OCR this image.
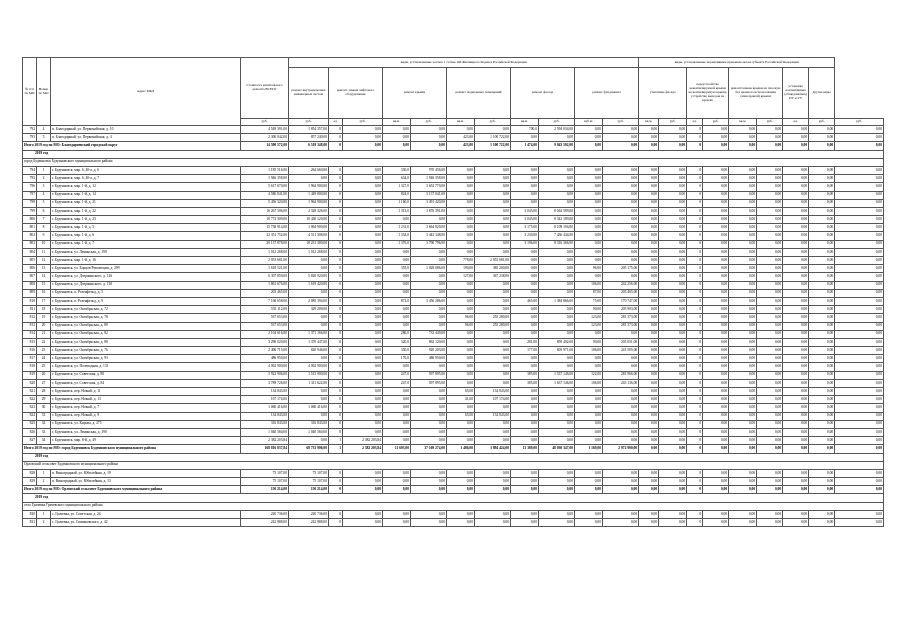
№ п/п по МП	Номер по МО	Адрес МКД	Стоимость капитального ремонта ВСЕГО	виды, установленные частью 1 статьи 166 Жилищного Кодекса Российской Федерации											виды, установленные нормативным правовым актом субъекта Российской Федерации								
				ремонт внутридомовых инженерных систем	ремонт, замена лифтового оборудования		ремонт крыши		ремонт подвальных помещений		ремонт фасада		ремонт фундамента		утепление фасада		переустройство невентилируемой крыши на вентилируемую крышу, устройство выходов на кровлю		ремонт/замена крыши на плоскую без целевого использования (мансардной) крыши		установка коллективных (общедомовых) ПУ и УУ	другие виды	
			руб.	руб.	ед.	руб.	кв.м.	руб.	кв.м.	руб.	кв.м.	руб.	куб.м.	руб.	кв.м.	руб.	ед.	руб.	кв.м.	руб.	ед.	руб.	руб.
792	4	п. Благодарный, ул. Первомайская, д. 10	4 549 391,00	1 854 357,00	0	0,00	0,00	0,00	0,00	0,00	700,0	2 594 034,00	0,00	0,00	0,00	0,00	0	0,00	0,00	0,00	0,00	0,00	0,00
793	5	п. Благодарный, ул. Первомайская, д. 4	2 300 042,00	857 240,00	0	0,00	0,00	0,00	423,00	1 100 722,00	0,00	0,00	0,00	0,00	0,00	0,00	0	0,00	0,00	0,00	0,00	0,00	0,00
Итого 2019 год по МО: Благодарненский городской округ			14 590 572,00	6 519 348,00	0	0,00	0,00	0,00	423,00	1 100 722,00	1 474,00	9 043 502,00	0,00	0,00	0,00	0,00	0	0,00	0,00	0,00	0,00	0,00	0,00
2019 год																							
город Буденновск Буденновского муниципального района																							
794	1	г. Буденновск, мкр. 6, 40-а, д. 6	1 185 516,00	264 660,00	0	0,00	330,0	970 456,00	0,00	0,00	0,00	0,00	0,00	0,00	0,00	0,00	0	0,00	0,00	0,00	0,00	0,00	0,00
795	2	г. Буденновск, мкр. 6, 40-а, д. 7	1 946 358,00	0,00	0	0,00	634,0	1 946 358,00	0,00	0,00	0,00	0,00	0,00	0,00	0,00	0,00	0	0,00	0,00	0,00	0,00	0,00	0,00
796	3	г. Буденновск, мкр. 1-й, д. 12	5 617 670,00	1 964 900,00	0	0,00	1 327,0	3 652 770,00	0,00	0,00	0,00	0,00	0,00	0,00	0,00	0,00	0	0,00	0,00	0,00	0,00	0,00	0,00
797	4	г. Буденновск, мкр. 1-й, д. 14	4 586 841,00	1 449 800,00	0	0,00	824,0	3 137 041,00	0,00	0,00	0,00	0,00	0,00	0,00	0,00	0,00	0	0,00	0,00	0,00	0,00	0,00	0,00
798	5	г. Буденновск, мкр. 1-й, д. 21	5 456 320,00	1 964 900,00	0	0,00	1 160,0	3 491 420,00	0,00	0,00	0,00	0,00	0,00	0,00	0,00	0,00	0	0,00	0,00	0,00	0,00	0,00	0,00
799	6	г. Буденновск, мкр. 1-й, д. 22	16 267 306,00	2 328 326,00	0	0,00	1 313,0	3 876 391,00	0,00	0,00	3 045,00	8 562 589,00	0,00	0,00	0,00	0,00	0	0,00	0,00	0,00	0,00	0,00	0,00
800	7	г. Буденновск, мкр. 1-й, д. 23	18 772 309,00	10 430 120,00	0	0,00	0,00	0,00	0,00	0,00	3 045,00	8 342 189,00	0,00	0,00	0,00	0,00	0	0,00	0,00	0,00	0,00	0,00	0,00
801	8	г. Буденновск, мкр. 1-й, д. 5	15 738 914,00	1 964 900,00	0	0,00	1 231,0	3 664 820,00	0,00	0,00	3 175,00	8 109 194,00	0,00	0,00	0,00	0,00	0	0,00	0,00	0,00	0,00	0,00	0,00
802	9	г. Буденновск, мкр. 1-й, д. 6	22 351 752,00	4 511 308,00	0	0,00	1 334,0	3 442 348,00	0,00	0,00	3 230,00	7 436 444,00	0,00	0,00	0,00	0,00	0	0,00	0,00	0,00	0,00	0,00	0,00
803	10	г. Буденновск, мкр. 1-й, д. 7	30 137 878,00	18 231 380,00	0	0,00	1 376,0	3 790 796,00	0,00	0,00	3 196,00	8 316 366,00	0,00	0,00	0,00	0,00	0	0,00	0,00	0,00	0,00	0,00	0,00
804	11	г. Буденновск, ул. Ленинская, д. 199	1 012 268,00	1 012 268,00	0	0,00	0,00	0,00	0,00	0,00	0,00	0,00	0,00	0,00	0,00	0,00	0	0,00	0,00	0,00	0,00	0,00	0,00
805	12	г. Буденновск, мкр. 1-й, д. 16	2 053 681,00	0,00	0	0,00	0,00	0,00	778,00	2 053 681,00	0,00	0,00	0,00	0,00	0,00	0,00	0	0,00	0,00	0,00	0,00	0,00	0,00
806	13	г. Буденновск, ул. Борцов Революции, д. 299	1 618 521,00	0,00	0	0,00	355,0	1 028 086,00	190,00	385 200,00	0,00	0,00	96,00	205 175,00	0,00	0,00	0	0,00	0,00	0,00	0,00	0,00	0,00
807	14	г. Буденновск, ул. Дзержинского, д. 126	6 307 859,00	5 820 920,00	0	0,00	0,00	0,00	127,00	367 238,00	0,00	0,00	0,00	0,00	0,00	0,00	0	0,00	0,00	0,00	0,00	0,00	0,00
808	15	г. Буденновск, ул. Дзержинского, д. 130	1 861 676,00	1 619 420,00	0	0,00	0,00	0,00	0,00	0,00	0,00	0,00	106,00	242 256,00	0,00	0,00	0	0,00	0,00	0,00	0,00	0,00	0,00
809	16	г. Буденновск, п. Розенфельд, д. 5	203 465,00	0,00	0	0,00	0,00	0,00	0,00	0,00	0,00	0,00	87,00	203 465,00	0,00	0,00	0	0,00	0,00	0,00	0,00	0,00	0,00
810	17	г. Буденновск, п. Розенфельд, д. 9	7 166 658,00	2 085 394,00	0	0,00	872,0	3 456 286,00	0,00	0,00	465,00	1 384 866,00	75,00	170 747,00	0,00	0,00	0	0,00	0,00	0,00	0,00	0,00	0,00
811	18	г. Буденновск, ул. Октябрьская, д. 72	535 112,00	329 209,00	0	0,00	0,00	0,00	0,00	0,00	0,00	0,00	90,00	205 903,00	0,00	0,00	0	0,00	0,00	0,00	0,00	0,00	0,00
812	19	г. Буденновск, ул. Октябрьская, д. 78	537 653,00	0,00	0	0,00	0,00	0,00	96,00	255 280,00	0,00	0,00	123,00	281 373,00	0,00	0,00	0	0,00	0,00	0,00	0,00	0,00	0,00
813	20	г. Буденновск, ул. Октябрьская, д. 80	537 653,00	0,00	0	0,00	0,00	0,00	96,00	255 280,00	0,00	0,00	123,00	281 373,00	0,00	0,00	0	0,00	0,00	0,00	0,00	0,00	0,00
814	21	г. Буденновск, ул. Октябрьская, д. 82	2 104 616,00	1 371 166,00	0	0,00	286,0	733 449,00	0,00	0,00	0,00	0,00	0,00	0,00	0,00	0,00	0	0,00	0,00	0,00	0,00	0,00	0,00
815	22	г. Буденновск, ул. Октябрьская, д. 88	3 298 020,00	1 370 447,00	0	0,00	320,0	863 120,00	0,00	0,00	281,00	859 402,00	90,00	205 051,00	0,00	0,00	0	0,00	0,00	0,00	0,00	0,00	0,00
816	23	г. Буденновск, ул. Октябрьская, д. 76	2 406 715,00	820 946,00	0	0,00	330,0	920 203,00	0,00	0,00	177,00	605 971,00	106,00	241 505,00	0,00	0,00	0	0,00	0,00	0,00	0,00	0,00	0,00
817	24	г. Буденновск, ул. Октябрьская, д. 93	486 950,00	0,00	0	0,00	176,0	486 950,00	0,00	0,00	0,00	0,00	0,00	0,00	0,00	0,00	0	0,00	0,00	0,00	0,00	0,00	0,00
818	25	г. Буденновск, ул. Полеводная, д. 131	4 002 900,00	4 002 900,00	0	0,00	0,00	0,00	0,00	0,00	0,00	0,00	0,00	0,00	0,00	0,00	0	0,00	0,00	0,00	0,00	0,00	0,00
819	26	г. Буденновск, ул. Советская, д. 80	3 922 906,00	1 515 900,00	0	0,00	247,0	597 895,00	0,00	0,00	385,00	1 537 146,00	122,00	281 966,00	0,00	0,00	0	0,00	0,00	0,00	0,00	0,00	0,00
820	27	г. Буденновск, ул. Советская, д. 84	3 789 726,00	1 311 622,00	0	0,00	247,0	597 895,00	0,00	0,00	385,00	1 637 146,00	106,00	243 136,00	0,00	0,00	0	0,00	0,00	0,00	0,00	0,00	0,00
821	28	г. Буденновск, пер. Новый, д. 11	134 843,00	0,00	0	0,00	0,00	0,00	65,00	134 843,00	0,00	0,00	0,00	0,00	0,00	0,00	0	0,00	0,00	0,00	0,00	0,00	0,00
822	29	г. Буденновск, пер. Новый, д. 13	107 174,00	0,00	0	0,00	0,00	0,00	41,00	107 174,00	0,00	0,00	0,00	0,00	0,00	0,00	0	0,00	0,00	0,00	0,00	0,00	0,00
823	30	г. Буденновск, пер. Новый, д. 7	1 060 416,00	1 060 416,00	0	0,00	0,00	0,00	0,00	0,00	0,00	0,00	0,00	0,00	0,00	0,00	0	0,00	0,00	0,00	0,00	0,00	0,00
824	31	г. Буденновск, пер. Новый, д. 9	134 843,00	0,00	0	0,00	0,00	0,00	65,00	134 843,00	0,00	0,00	0,00	0,00	0,00	0,00	0	0,00	0,00	0,00	0,00	0,00	0,00
825	32	г. Буденновск, ул. Кирова, д. 275	316 843,00	316 843,00	0	0,00	0,00	0,00	0,00	0,00	0,00	0,00	0,00	0,00	0,00	0,00	0	0,00	0,00	0,00	0,00	0,00	0,00
826	33	г. Буденновск, ул. Ленинская, д. 190	1 040 560,00	1 040 560,00	0	0,00	0,00	0,00	0,00	0,00	0,00	0,00	0,00	0,00	0,00	0,00	0	0,00	0,00	0,00	0,00	0,00	0,00
827	34	г. Буденновск, мкр. 8-й, д. 49	2 382 203,84	0,00	1	2 382 203,84	0,00	0,00	0,00	0,00	0,00	0,00	0,00	0,00	0,00	0,00	0	0,00	0,00	0,00	0,00	0,00	0,00
Итого 2019 год по МО: город Буденновск Буденновского муниципального района			168 816 837,84	68 733 906,00	1	2 382 203,84	11 603,00	37 169 274,00	1 486,00	3 894 424,00	13 380,00	48 030 347,00	1 169,00	2 972 900,00	0,00	0,00	0	0,00	0,00	0,00	0,00	0,00	0,00
2019 год																							
Орловский сельсовет Буденновского муниципального района																							
828	1	п. Виноградный, ул. Юбилейная, д. 19	75 107,00	75 107,00	0	0,00	0,00	0,00	0,00	0,00	0,00	0,00	0,00	0,00	0,00	0,00	0	0,00	0,00	0,00	0,00	0,00	0,00
829	2	п. Виноградный, ул. Юбилейная, д. 13	75 107,00	75 107,00	0	0,00	0,00	0,00	0,00	0,00	0,00	0,00	0,00	0,00	0,00	0,00	0	0,00	0,00	0,00	0,00	0,00	0,00
Итого 2019 год по МО: Орловский сельсовет Буденновского муниципального района			150 214,00	150 214,00	0	0,00	0,00	0,00	0,00	0,00	0,00	0,00	0,00	0,00	0,00	0,00	0	0,00	0,00	0,00	0,00	0,00	0,00
2019 год																							
село Грачевка Грачевского муниципального района																							
830	1	с. Грачевка, ул. Советская, д. 24	220 736,00	220 736,00	0	0,00	0,00	0,00	0,00	0,00	0,00	0,00	0,00	0,00	0,00	0,00	0	0,00	0,00	0,00	0,00	0,00	0,00
831	2	с. Грачевка, ул. Спиваковского, д. 42	242 888,00	242 888,00	0	0,00	0,00	0,00	0,00	0,00	0,00	0,00	0,00	0,00	0,00	0,00	0	0,00	0,00	0,00	0,00	0,00	0,00
